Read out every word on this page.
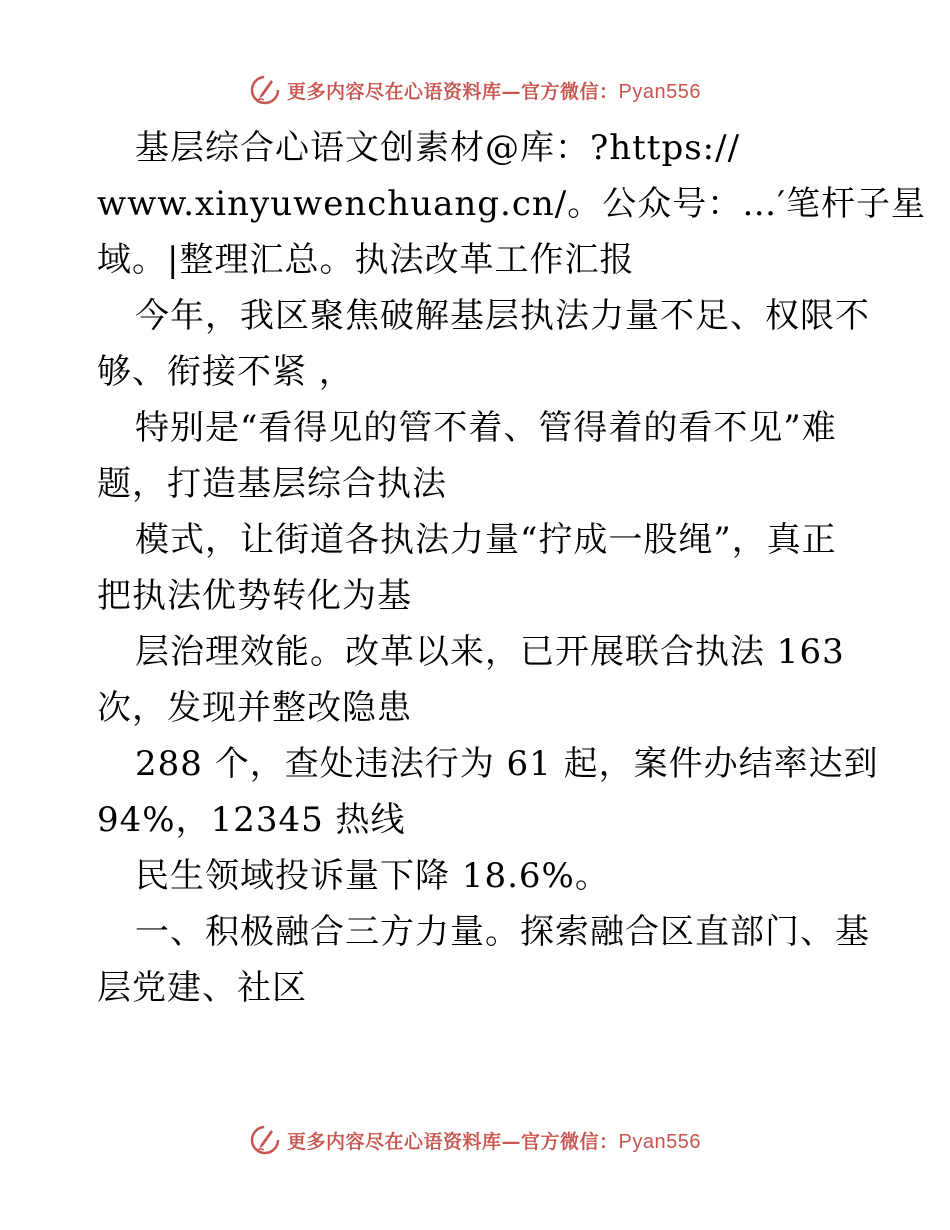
更多内容尽在心语资料库—官方微信：Pyan556
基层综合心语文创素材@库：?https://
www.xinyuwenchuang.cn/。公众号：…′笔杆子星
域。|整理汇总。执法改革工作汇报
今年，我区聚焦破解基层执法力量不足、权限不
够、衔接不紧 ，
特别是“看得见的管不着、管得着的看不见”难
题，打造基层综合执法
模式，让街道各执法力量“拧成一股绳”，真正
把执法优势转化为基
层治理效能。改革以来，已开展联合执法 163
次，发现并整改隐患
288 个，查处违法行为 61 起，案件办结率达到
94%，12345 热线
民生领域投诉量下降 18.6%。
一、积极融合三方力量。探索融合区直部门、基
层党建、社区
更多内容尽在心语资料库—官方微信：Pyan556
